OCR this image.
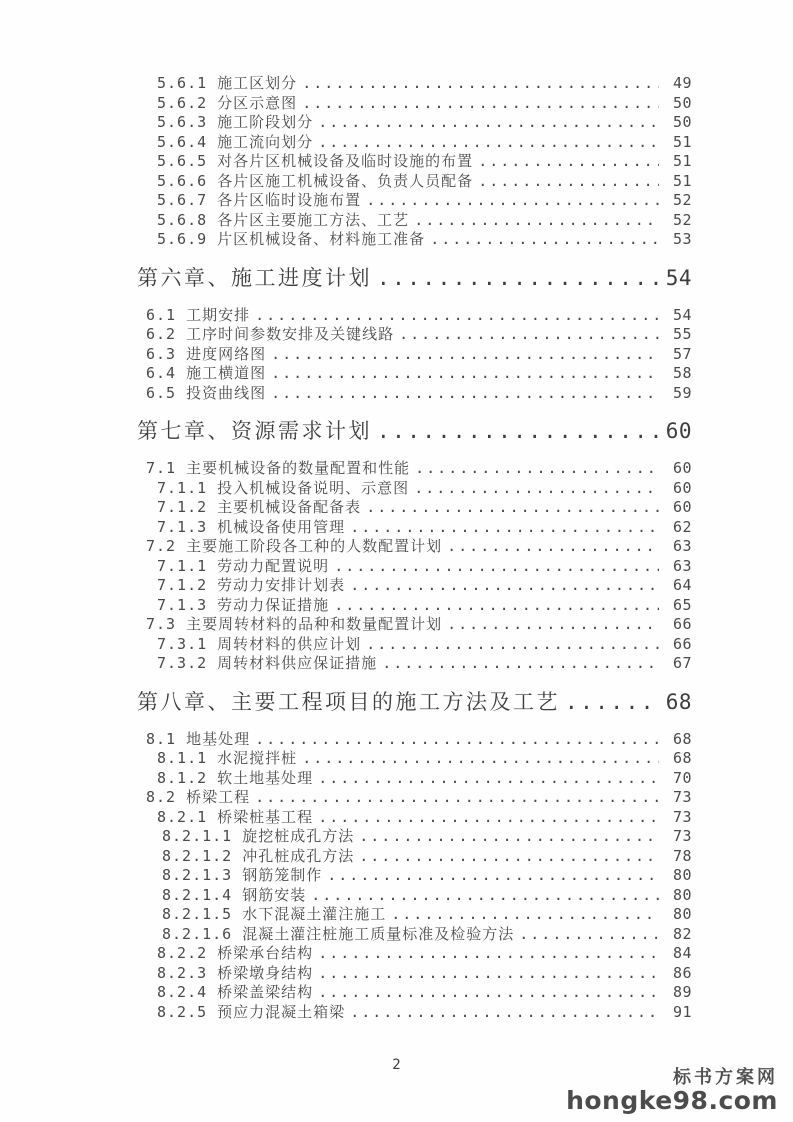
5.6.1 施工区划分 .....	49
5.6.2 分区示意图 .....	50
5.6.3 施工阶段划分 .....	50
5.6.4 施工流向划分 .....	51
5.6.5 对各片区机械设备及临时设施的布置 .....	51
5.6.6 各片区施工机械设备、负责人员配备 .....	51
5.6.7 各片区临时设施布置 .....	52
5.6.8 各片区主要施工方法、工艺 .....	52
5.6.9 片区机械设备、材料施工准备 .....	53
第六章、施工进度计划 .....	54
6.1 工期安排 .....	54
6.2 工序时间参数安排及关键线路 .....	55
6.3 进度网络图 .....	57
6.4 施工横道图 .....	58
6.5 投资曲线图 .....	59
第七章、资源需求计划 .....	60
7.1 主要机械设备的数量配置和性能 .....	60
7.1.1 投入机械设备说明、示意图 .....	60
7.1.2 主要机械设备配备表 .....	60
7.1.3 机械设备使用管理 .....	62
7.2 主要施工阶段各工种的人数配置计划 .....	63
7.1.1 劳动力配置说明 .....	63
7.1.2 劳动力安排计划表 .....	64
7.1.3 劳动力保证措施 .....	65
7.3 主要周转材料的品种和数量配置计划 .....	66
7.3.1 周转材料的供应计划 .....	66
7.3.2 周转材料供应保证措施 .....	67
第八章、主要工程项目的施工方法及工艺 .....	68
8.1 地基处理 .....	68
8.1.1 水泥搅拌桩 .....	68
8.1.2 软土地基处理 .....	70
8.2 桥梁工程 .....	73
8.2.1 桥梁桩基工程 .....	73
8.2.1.1 旋挖桩成孔方法 .....	73
8.2.1.2 冲孔桩成孔方法 .....	78
8.2.1.3 钢筋笼制作 .....	80
8.2.1.4 钢筋安装 .....	80
8.2.1.5 水下混凝土灌注施工 .....	80
8.2.1.6 混凝土灌注桩施工质量标准及检验方法 .....	82
8.2.2 桥梁承台结构 .....	84
8.2.3 桥梁墩身结构 .....	86
8.2.4 桥梁盖梁结构 .....	89
8.2.5 预应力混凝土箱梁 .....	91
2
标书方案网
hongke98.com
